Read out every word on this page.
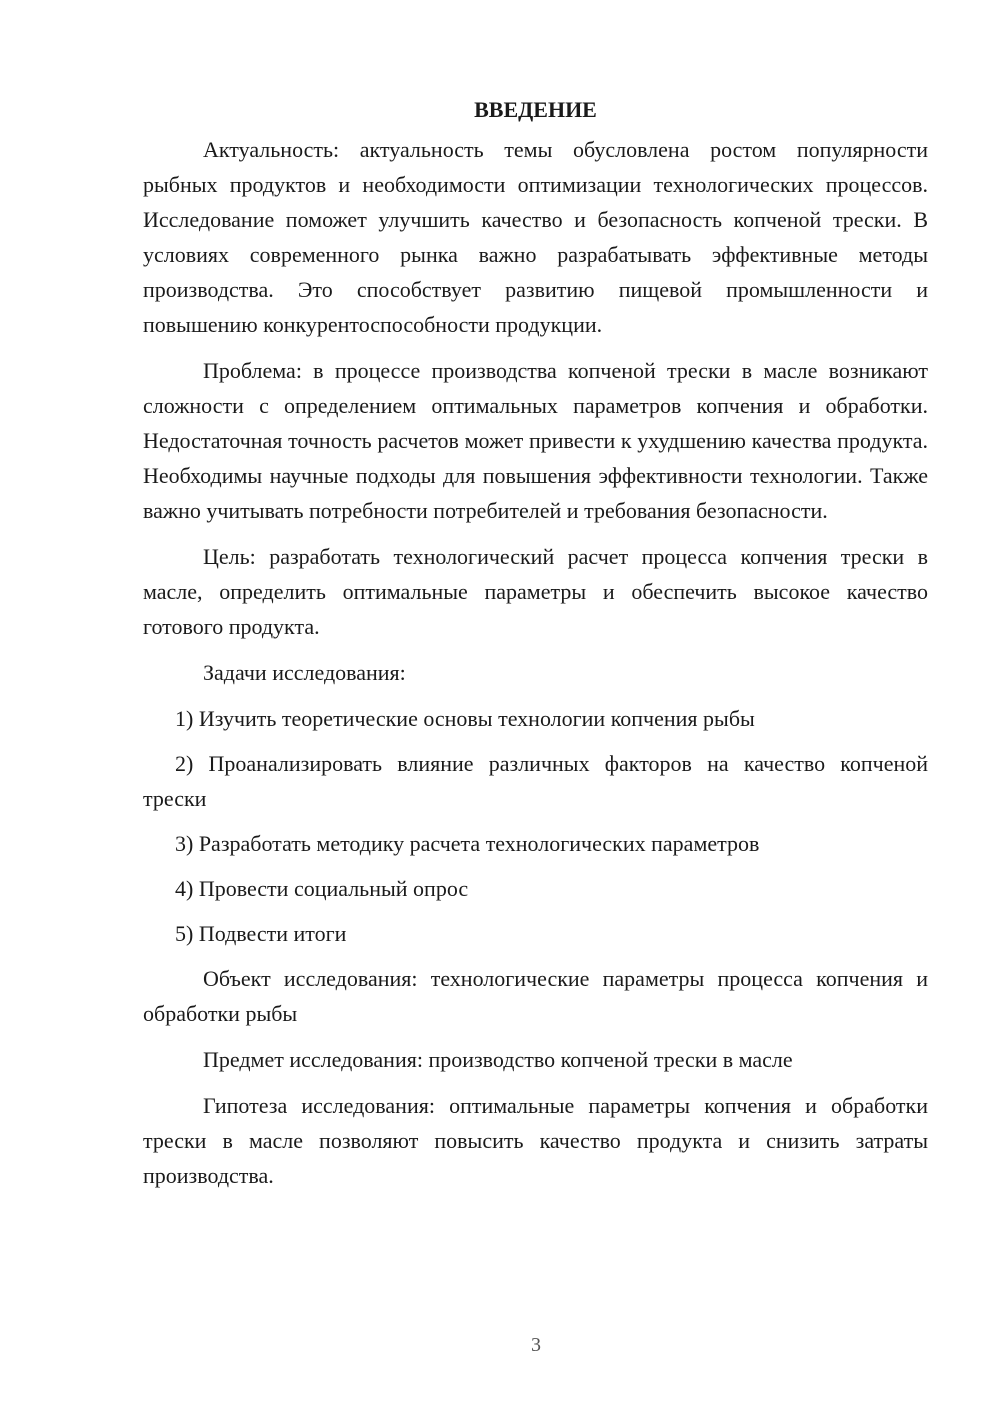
ВВЕДЕНИЕ

Актуальность: актуальность темы обусловлена ростом популярности рыбных продуктов и необходимости оптимизации технологических процессов. Исследование поможет улучшить качество и безопасность копченой трески. В условиях современного рынка важно разрабатывать эффективные методы производства. Это способствует развитию пищевой промышленности и повышению конкурентоспособности продукции.

Проблема: в процессе производства копченой трески в масле возникают сложности с определением оптимальных параметров копчения и обработки. Недостаточная точность расчетов может привести к ухудшению качества продукта. Необходимы научные подходы для повышения эффективности технологии. Также важно учитывать потребности потребителей и требования безопасности.

Цель: разработать технологический расчет процесса копчения трески в масле, определить оптимальные параметры и обеспечить высокое качество готового продукта.

Задачи исследования:

1) Изучить теоретические основы технологии копчения рыбы

2) Проанализировать влияние различных факторов на качество копченой трески

3) Разработать методику расчета технологических параметров

4) Провести социальный опрос

5) Подвести итоги

Объект исследования: технологические параметры процесса копчения и обработки рыбы

Предмет исследования: производство копченой трески в масле

Гипотеза исследования: оптимальные параметры копчения и обработки трески в масле позволяют повысить качество продукта и снизить затраты производства.

3
